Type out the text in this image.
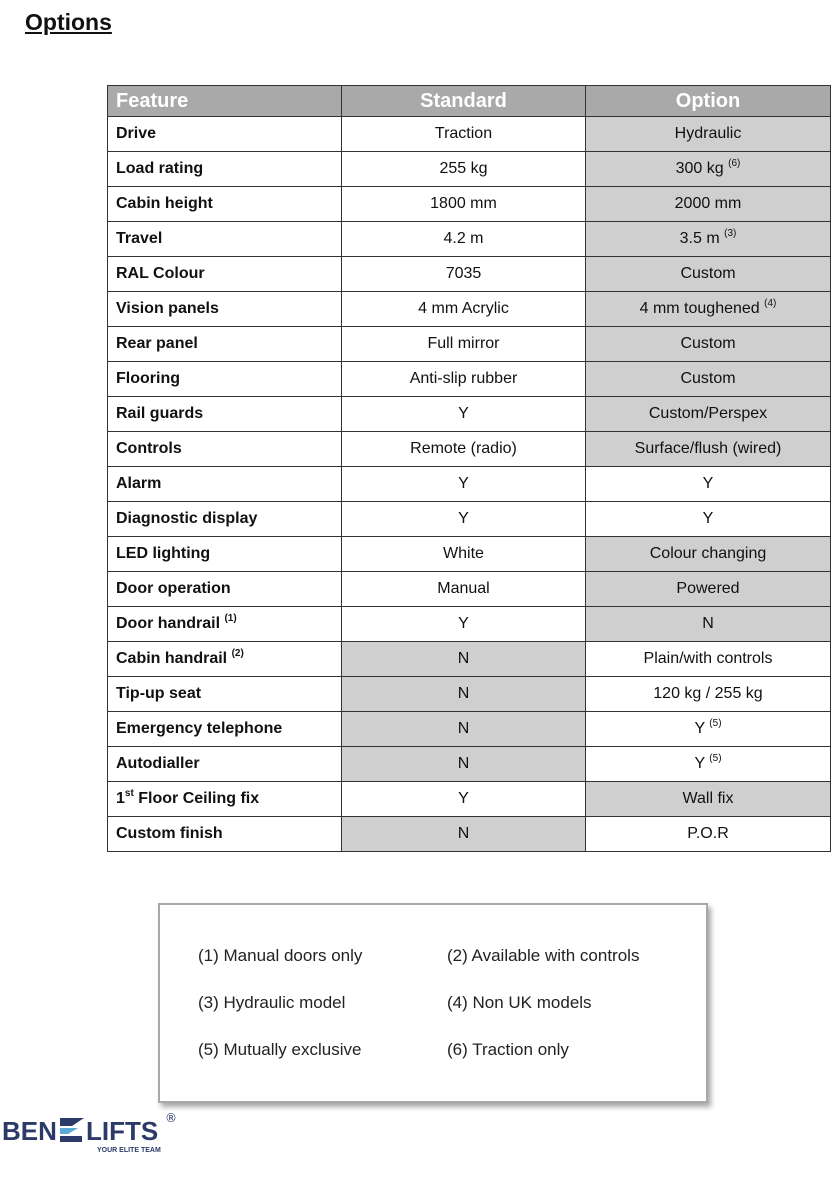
Options
Feature	Standard	Option
Drive	Traction	Hydraulic
Load rating	255 kg	300 kg $^{(6)}$
Cabin height	1800 mm	2000 mm
Travel	4.2 m	3.5 m $^{(3)}$
RAL Colour	7035	Custom
Vision panels	4 mm Acrylic	4 mm toughened $^{(4)}$
Rear panel	Full mirror	Custom
Flooring	Anti-slip rubber	Custom
Rail guards	Y	Custom/Perspex
Controls	Remote (radio)	Surface/flush (wired)
Alarm	Y	Y
Diagnostic display	Y	Y
LED lighting	White	Colour changing
Door operation	Manual	Powered
Door handrail $^{(1)}$	Y	N
Cabin handrail $^{(2)}$	N	Plain/with controls
Tip-up seat	N	120 kg / 255 kg
Emergency telephone	N	Y $^{(5)}$
Autodialler	N	Y $^{(5)}$
1st Floor Ceiling fix	Y	Wall fix
Custom finish	N	P.O.R
(1) Manual doors only	(2) Available with controls
(3) Hydraulic model	(4) Non UK models
(5) Mutually exclusive	(6) Traction only
BEN LIFTS ®
YOUR ELITE TEAM
